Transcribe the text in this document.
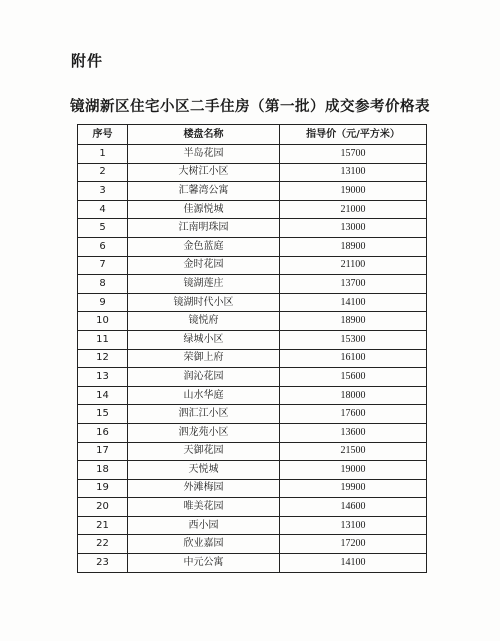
附件
镜湖新区住宅小区二手住房（第一批）成交参考价格表
序号	楼盘名称	指导价（元/平方米）
1	半岛花园	15700
2	大树江小区	13100
3	汇馨湾公寓	19000
4	佳源悦城	21000
5	江南明珠园	13000
6	金色蓝庭	18900
7	金时花园	21100
8	镜湖莲庄	13700
9	镜湖时代小区	14100
10	镜悦府	18900
11	绿城小区	15300
12	荣御上府	16100
13	润沁花园	15600
14	山水华庭	18000
15	泗汇江小区	17600
16	泗龙苑小区	13600
17	天御花园	21500
18	天悦城	19000
19	外滩梅园	19900
20	唯美花园	14600
21	西小园	13100
22	欣业嘉园	17200
23	中元公寓	14100
